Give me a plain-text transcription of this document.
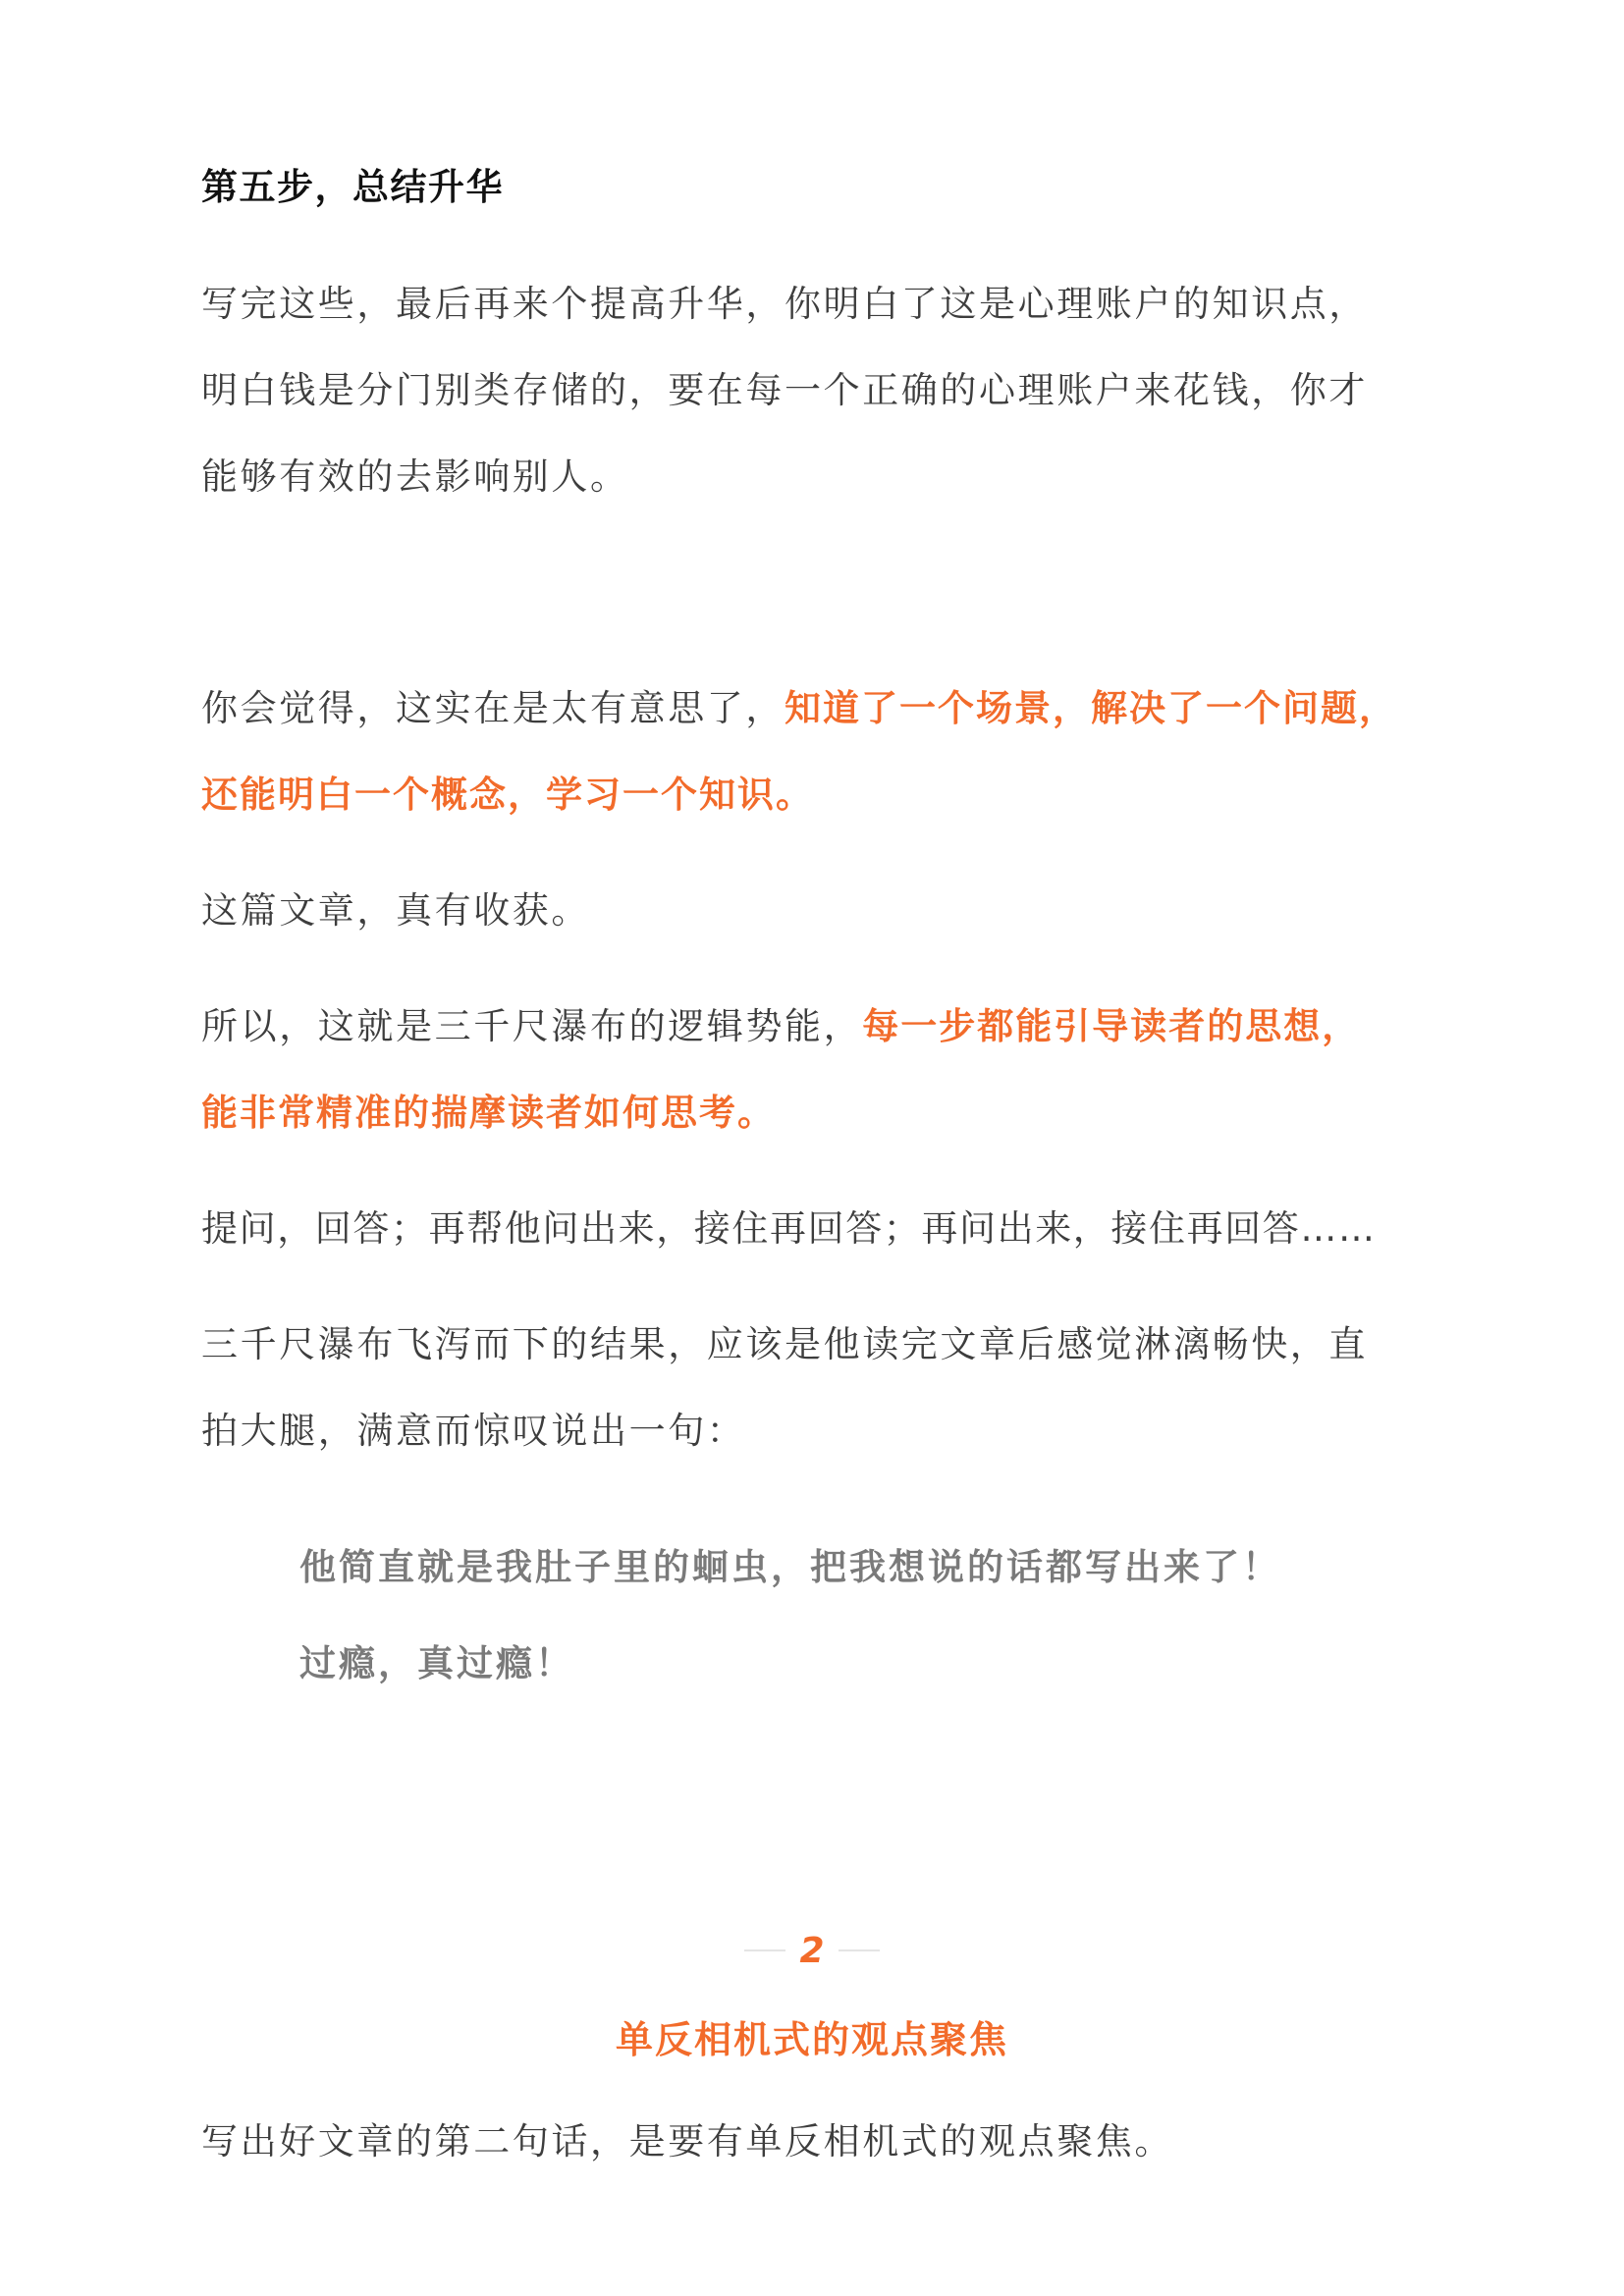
第五步，总结升华
写完这些，最后再来个提高升华，你明白了这是心理账户的知识点，
明白钱是分门别类存储的，要在每一个正确的心理账户来花钱，你才
能够有效的去影响别人。
你会觉得，这实在是太有意思了，知道了一个场景，解决了一个问题，
还能明白一个概念，学习一个知识。
这篇文章，真有收获。
所以，这就是三千尺瀑布的逻辑势能，每一步都能引导读者的思想，
能非常精准的揣摩读者如何思考。
提问，回答；再帮他问出来，接住再回答；再问出来，接住再回答……
三千尺瀑布飞泻而下的结果，应该是他读完文章后感觉淋漓畅快，直
拍大腿，满意而惊叹说出一句：
他简直就是我肚子里的蛔虫，把我想说的话都写出来了！
过瘾，真过瘾！
2
单反相机式的观点聚焦
写出好文章的第二句话，是要有单反相机式的观点聚焦。
